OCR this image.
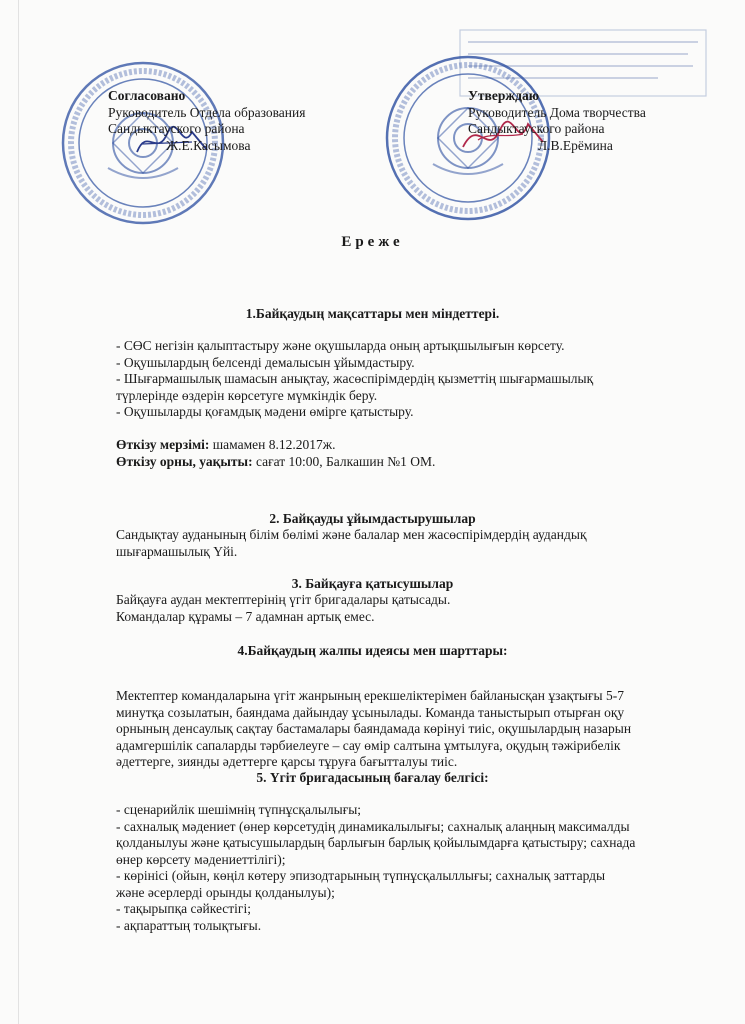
Согласовано
Руководитель Отдела образования
Сандыктауского района
Ж.Е.Касымова
Утверждаю
Руководитель Дома творчества
Сандыктауского района
Л.В.Ерёмина
Ереже
1.Байқаудың мақсаттары мен міндеттері.
- СӨС негізін қалыптастыру және оқушыларда оның артықшылығын көрсету.
- Оқушылардың белсенді демалысын ұйымдастыру.
- Шығармашылық шамасын анықтау, жасөспірімдердің қызметтің шығармашылық
түрлерінде өздерін көрсетуге мүмкіндік беру.
- Оқушыларды қоғамдық мәдени өмірге қатыстыру.
Өткізу мерзімі: шамамен 8.12.2017ж.
Өткізу орны, уақыты: сағат 10:00, Балкашин №1 ОМ.
2. Байқауды ұйымдастырушылар
Сандықтау ауданының білім бөлімі және балалар мен жасөспірімдердің аудандық
шығармашылық Үйі.
3. Байқауға қатысушылар
Байқауға аудан мектептерінің үгіт бригадалары қатысады.
Командалар құрамы – 7 адамнан артық емес.
4.Байқаудың жалпы идеясы мен шарттары:
Мектептер командаларына үгіт жанрының ерекшеліктерімен байланысқан ұзақтығы 5-7
минутқа созылатын, баяндама дайындау ұсынылады. Команда таныстырып отырған оқу
орнының денсаулық сақтау бастамалары баяндамада көрінуі тиіс, оқушылардың назарын
адамгершілік сапаларды тәрбиелеуге – сау өмір салтына ұмтылуға, оқудың тәжірибелік
әдеттерге, зиянды әдеттерге қарсы тұруға бағытталуы тиіс.
5. Үгіт бригадасының бағалау белгісі:
- сценарийлік шешімнің түпнұсқалылығы;
- сахналық мәдениет (өнер көрсетудің динамикалылығы; сахналық алаңның максималды
қолданылуы және қатысушылардың барлығын барлық қойылымдарға қатыстыру; сахнада
өнер көрсету мәдениеттілігі);
- көрінісі (ойын, көңіл көтеру эпизодтарының түпнұсқалыллығы; сахналық заттарды
және әсерлерді орынды қолданылуы);
- тақырыпқа сәйкестігі;
- ақпараттың толықтығы.
